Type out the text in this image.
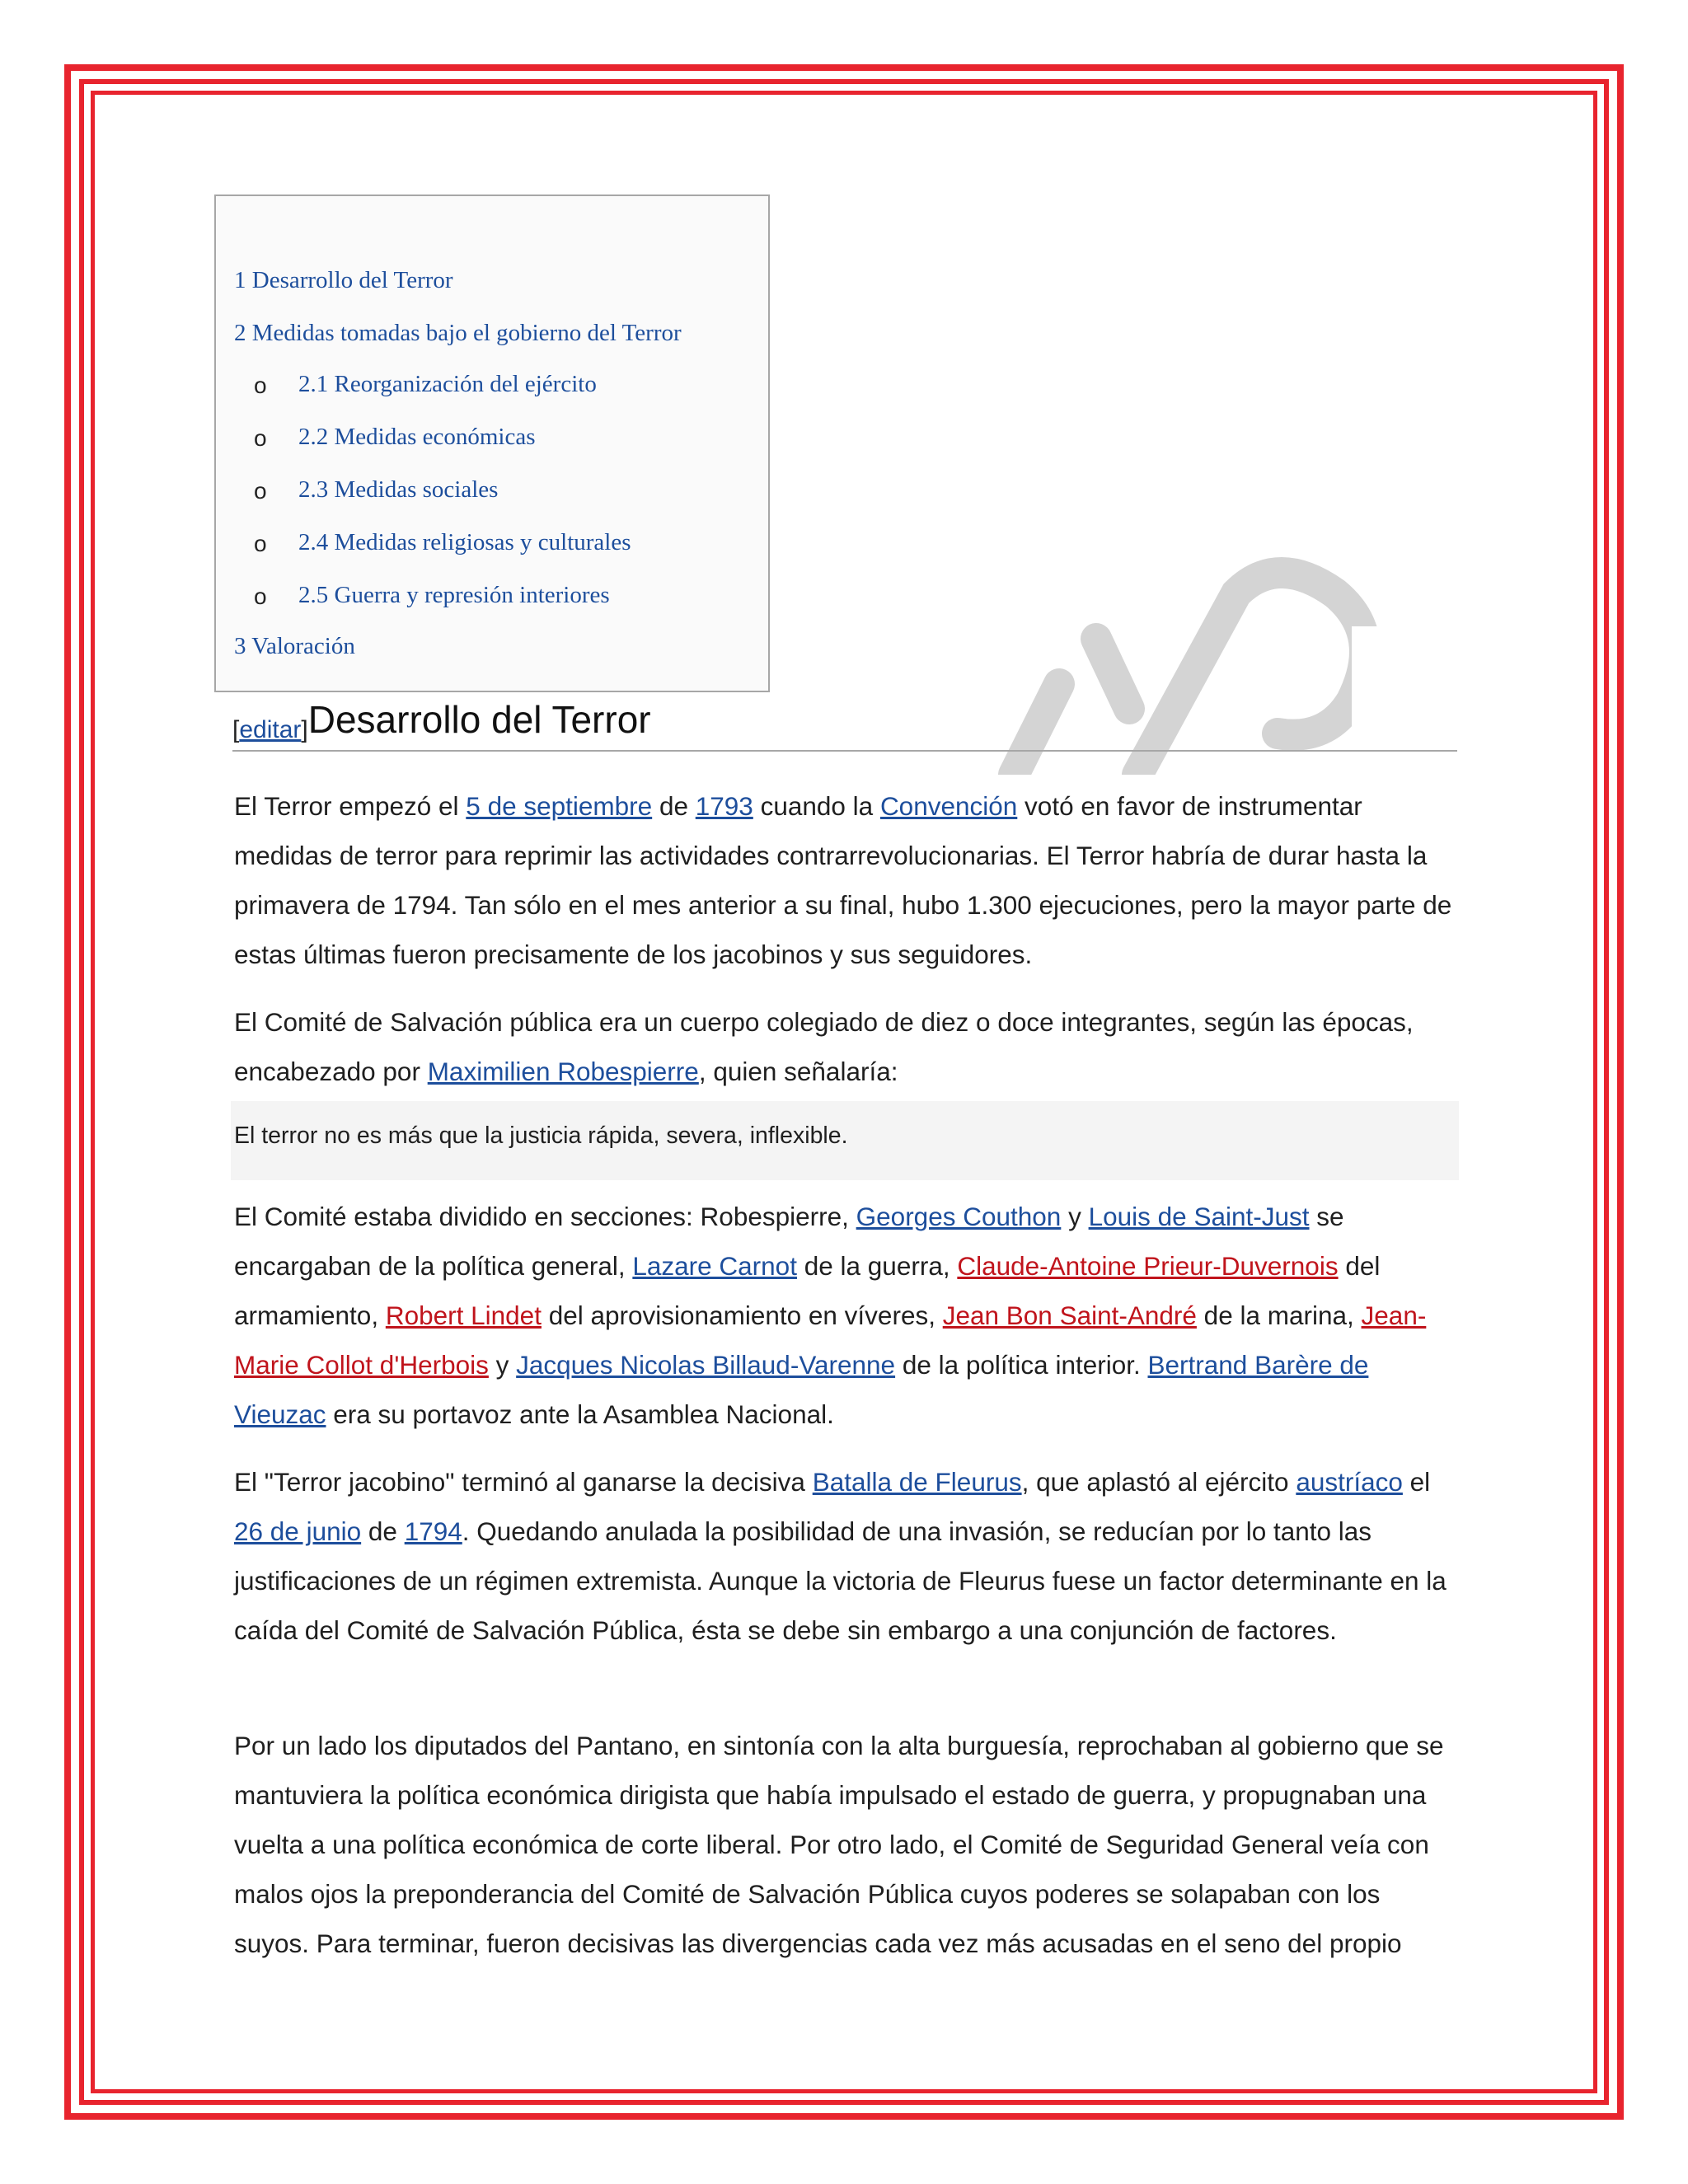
1 Desarrollo del Terror
2 Medidas tomadas bajo el gobierno del Terror
o 2.1 Reorganización del ejército
o 2.2 Medidas económicas
o 2.3 Medidas sociales
o 2.4 Medidas religiosas y culturales
o 2.5 Guerra y represión interiores
3 Valoración
[editar]Desarrollo del Terror
El Terror empezó el 5 de septiembre de 1793 cuando la Convención votó en favor de instrumentar medidas de terror para reprimir las actividades contrarrevolucionarias. El Terror habría de durar hasta la primavera de 1794. Tan sólo en el mes anterior a su final, hubo 1.300 ejecuciones, pero la mayor parte de estas últimas fueron precisamente de los jacobinos y sus seguidores.
El Comité de Salvación pública era un cuerpo colegiado de diez o doce integrantes, según las épocas, encabezado por Maximilien Robespierre, quien señalaría:
El terror no es más que la justicia rápida, severa, inflexible.
El Comité estaba dividido en secciones: Robespierre, Georges Couthon y Louis de Saint-Just se encargaban de la política general, Lazare Carnot de la guerra, Claude-Antoine Prieur-Duvernois del armamiento, Robert Lindet del aprovisionamiento en víveres, Jean Bon Saint-André de la marina, Jean-Marie Collot d'Herbois y Jacques Nicolas Billaud-Varenne de la política interior. Bertrand Barère de Vieuzac era su portavoz ante la Asamblea Nacional.
El "Terror jacobino" terminó al ganarse la decisiva Batalla de Fleurus, que aplastó al ejército austríaco el 26 de junio de 1794. Quedando anulada la posibilidad de una invasión, se reducían por lo tanto las justificaciones de un régimen extremista. Aunque la victoria de Fleurus fuese un factor determinante en la caída del Comité de Salvación Pública, ésta se debe sin embargo a una conjunción de factores.
Por un lado los diputados del Pantano, en sintonía con la alta burguesía, reprochaban al gobierno que se mantuviera la política económica dirigista que había impulsado el estado de guerra, y propugnaban una vuelta a una política económica de corte liberal. Por otro lado, el Comité de Seguridad General veía con malos ojos la preponderancia del Comité de Salvación Pública cuyos poderes se solapaban con los suyos. Para terminar, fueron decisivas las divergencias cada vez más acusadas en el seno del propio
